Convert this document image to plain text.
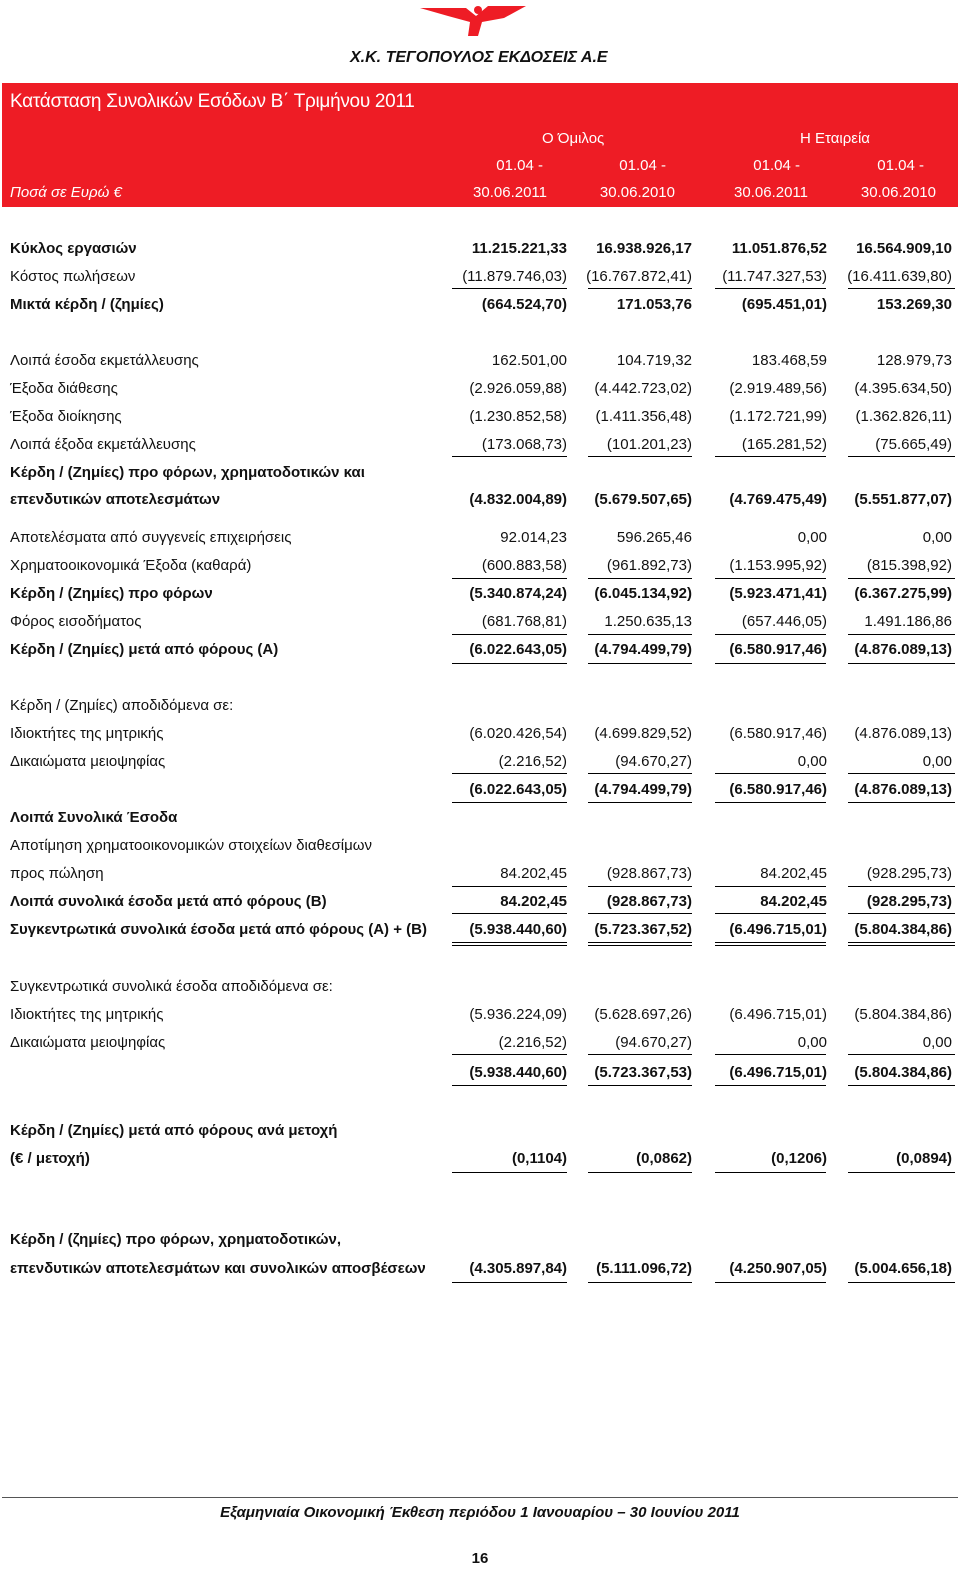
Χ.Κ. ΤΕΓΟΠΟΥΛΟΣ ΕΚΔΟΣΕΙΣ Α.Ε
Κατάσταση Συνολικών Εσόδων Β΄ Τριμήνου 2011
Ο Όμιλος	Η Εταιρεία
Ποσά σε Ευρώ €
01.04 -	01.04 -	01.04 -	01.04 -
30.06.2011	30.06.2010	30.06.2011	30.06.2010
Κύκλος εργασιών	11.215.221,33 16.938.926,17	11.051.876,52 16.564.909,10
Κόστος πωλήσεων	(11.879.746,03) (16.767.872,41) (11.747.327,53) (16.411.639,80)
Μικτά κέρδη / (ζημίες)	(664.524,70)	171.053,76	(695.451,01)	153.269,30
Λοιπά έσοδα εκμετάλλευσης	162.501,00	104.719,32	183.468,59	128.979,73
Έξοδα διάθεσης	(2.926.059,88) (4.442.723,02) (2.919.489,56) (4.395.634,50)
Έξοδα διοίκησης	(1.230.852,58) (1.411.356,48) (1.172.721,99) (1.362.826,11)
Λοιπά έξοδα εκμετάλλευσης	(173.068,73)	(101.201,23)	(165.281,52)	(75.665,49)
Κέρδη / (Ζημίες) προ φόρων, χρηματοδοτικών και
επενδυτικών αποτελεσμάτων	(4.832.004,89) (5.679.507,65) (4.769.475,49) (5.551.877,07)
Αποτελέσματα από συγγενείς επιχειρήσεις	92.014,23	596.265,46	0,00	0,00
Χρηματοοικονομικά Έξοδα (καθαρά)	(600.883,58)	(961.892,73) (1.153.995,92)	(815.398,92)
Κέρδη / (Ζημίες) προ φόρων	(5.340.874,24) (6.045.134,92) (5.923.471,41) (6.367.275,99)
Φόρος εισοδήματος	(681.768,81) 1.250.635,13	(657.446,05) 1.491.186,86
Κέρδη / (Ζημίες) μετά από φόρους (Α)	(6.022.643,05) (4.794.499,79) (6.580.917,46) (4.876.089,13)
Κέρδη / (Ζημίες) αποδιδόμενα σε:
Ιδιοκτήτες της μητρικής	(6.020.426,54) (4.699.829,52) (6.580.917,46) (4.876.089,13)
Δικαιώματα μειοψηφίας	(2.216,52)	(94.670,27)	0,00	0,00
(6.022.643,05) (4.794.499,79) (6.580.917,46) (4.876.089,13)
Λοιπά Συνολικά Έσοδα
Αποτίμηση χρηματοοικονομικών στοιχείων διαθεσίμων
προς πώληση	84.202,45	(928.867,73)	84.202,45	(928.295,73)
Λοιπά συνολικά έσοδα μετά από φόρους (Β)	84.202,45	(928.867,73)	84.202,45	(928.295,73)
Συγκεντρωτικά συνολικά έσοδα μετά από φόρους (Α) + (Β)	(5.938.440,60) (5.723.367,52) (6.496.715,01) (5.804.384,86)
Συγκεντρωτικά συνολικά έσοδα αποδιδόμενα σε:
Ιδιοκτήτες της μητρικής	(5.936.224,09) (5.628.697,26) (6.496.715,01) (5.804.384,86)
Δικαιώματα μειοψηφίας	(2.216,52)	(94.670,27)	0,00	0,00
(5.938.440,60) (5.723.367,53) (6.496.715,01) (5.804.384,86)
Κέρδη / (Ζημίες) μετά από φόρους ανά μετοχή
(€ / μετοχή)	(0,1104)	(0,0862)	(0,1206)	(0,0894)
Κέρδη / (ζημίες) προ φόρων, χρηματοδοτικών,
επενδυτικών αποτελεσμάτων και συνολικών αποσβέσεων	(4.305.897,84) (5.111.096,72) (4.250.907,05) (5.004.656,18)
Εξαμηνιαία Οικονομική Έκθεση περιόδου 1 Ιανουαρίου – 30 Ιουνίου 2011
16
